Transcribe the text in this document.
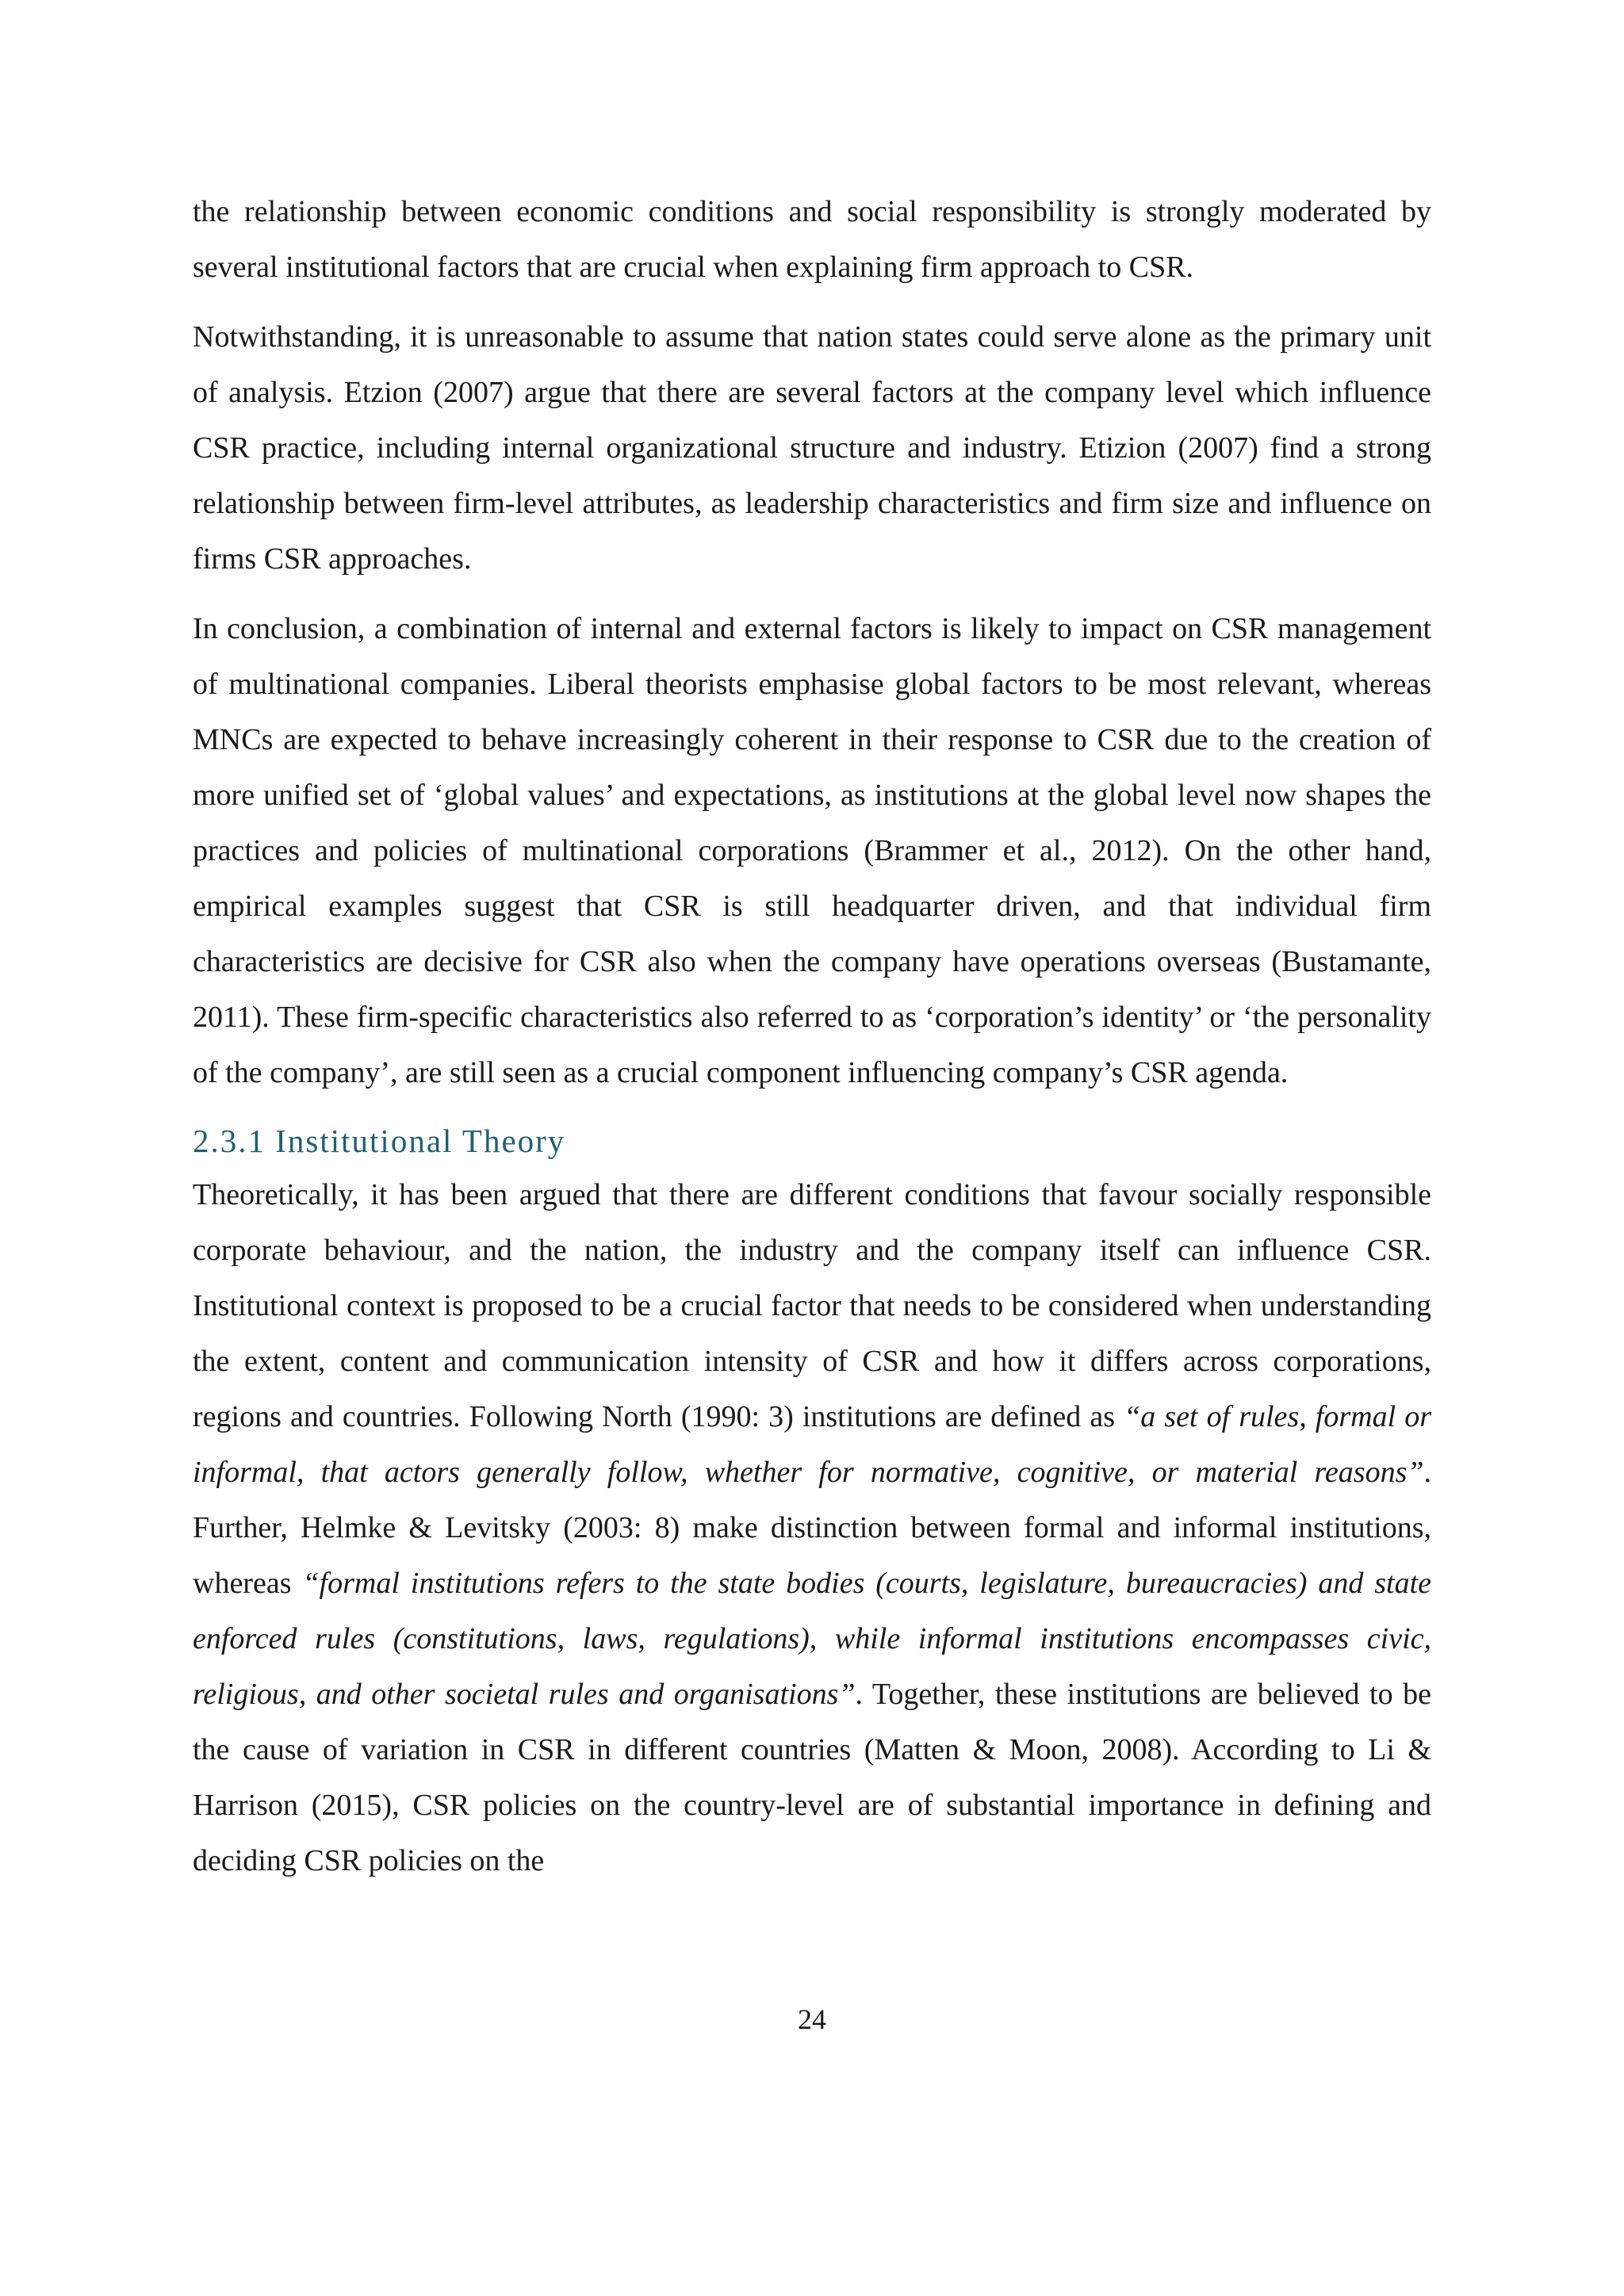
the relationship between economic conditions and social responsibility is strongly moderated by several institutional factors that are crucial when explaining firm approach to CSR.

Notwithstanding, it is unreasonable to assume that nation states could serve alone as the primary unit of analysis. Etzion (2007) argue that there are several factors at the company level which influence CSR practice, including internal organizational structure and industry. Etizion (2007) find a strong relationship between firm-level attributes, as leadership characteristics and firm size and influence on firms CSR approaches.

In conclusion, a combination of internal and external factors is likely to impact on CSR management of multinational companies. Liberal theorists emphasise global factors to be most relevant, whereas MNCs are expected to behave increasingly coherent in their response to CSR due to the creation of more unified set of ‘global values’ and expectations, as institutions at the global level now shapes the practices and policies of multinational corporations (Brammer et al., 2012). On the other hand, empirical examples suggest that CSR is still headquarter driven, and that individual firm characteristics are decisive for CSR also when the company have operations overseas (Bustamante, 2011). These firm-specific characteristics also referred to as ‘corporation’s identity’ or ‘the personality of the company’, are still seen as a crucial component influencing company’s CSR agenda.

2.3.1 Institutional Theory

Theoretically, it has been argued that there are different conditions that favour socially responsible corporate behaviour, and the nation, the industry and the company itself can influence CSR. Institutional context is proposed to be a crucial factor that needs to be considered when understanding the extent, content and communication intensity of CSR and how it differs across corporations, regions and countries. Following North (1990: 3) institutions are defined as “a set of rules, formal or informal, that actors generally follow, whether for normative, cognitive, or material reasons”. Further, Helmke & Levitsky (2003: 8) make distinction between formal and informal institutions, whereas “formal institutions refers to the state bodies (courts, legislature, bureaucracies) and state enforced rules (constitutions, laws, regulations), while informal institutions encompasses civic, religious, and other societal rules and organisations”. Together, these institutions are believed to be the cause of variation in CSR in different countries (Matten & Moon, 2008). According to Li & Harrison (2015), CSR policies on the country-level are of substantial importance in defining and deciding CSR policies on the

24
